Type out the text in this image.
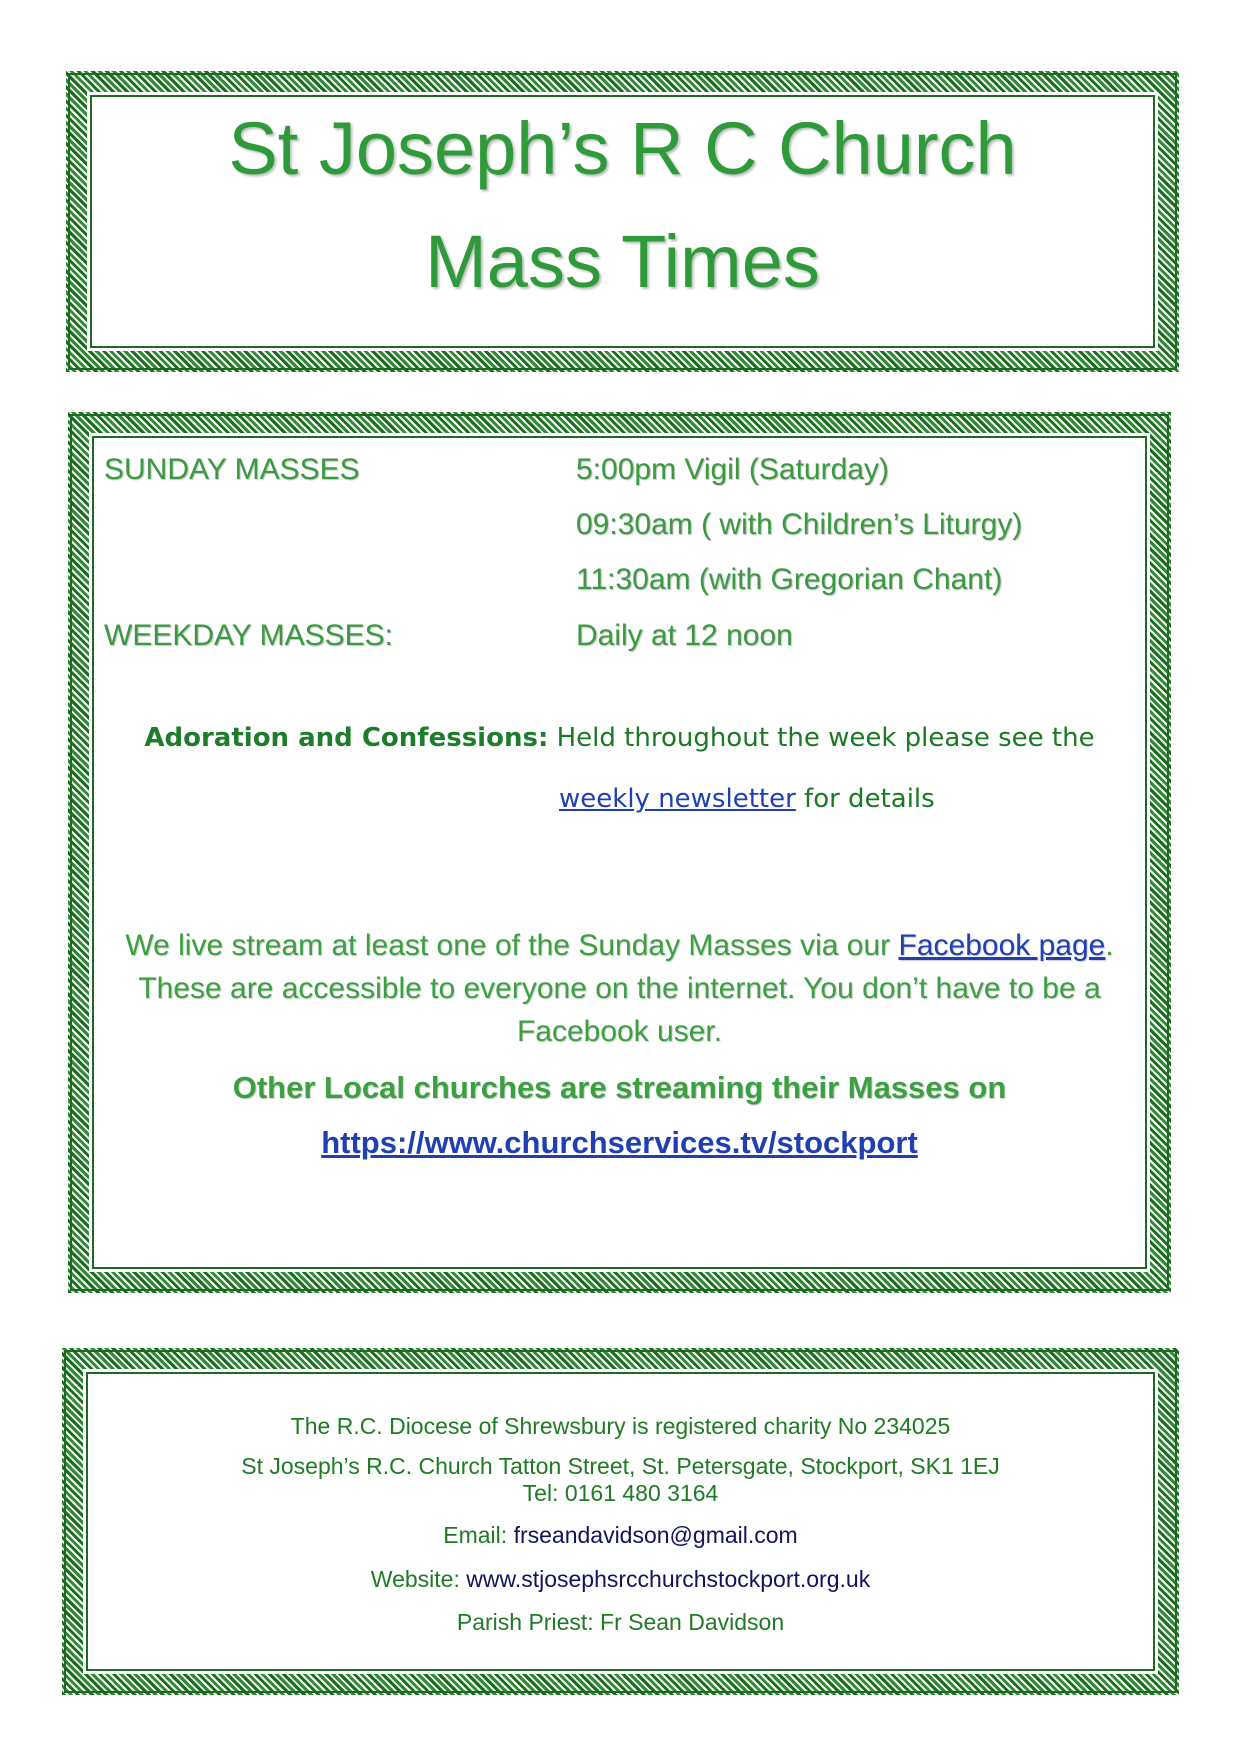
St Joseph’s R C Church
Mass Times
SUNDAY MASSES	5:00pm Vigil (Saturday)
09:30am ( with Children’s Liturgy)
11:30am (with Gregorian Chant)
WEEKDAY MASSES:	Daily at 12 noon
Adoration and Confessions: Held throughout the week please see the
weekly newsletter for details
We live stream at least one of the Sunday Masses via our Facebook page. These are accessible to everyone on the internet. You don’t have to be a Facebook user.
Other Local churches are streaming their Masses on
https://www.churchservices.tv/stockport
The R.C. Diocese of Shrewsbury is registered charity No 234025
St Joseph’s R.C. Church Tatton Street, St. Petersgate, Stockport, SK1 1EJ
Tel: 0161 480 3164
Email: frseandavidson@gmail.com
Website: www.stjosephsrcchurchstockport.org.uk
Parish Priest: Fr Sean Davidson
